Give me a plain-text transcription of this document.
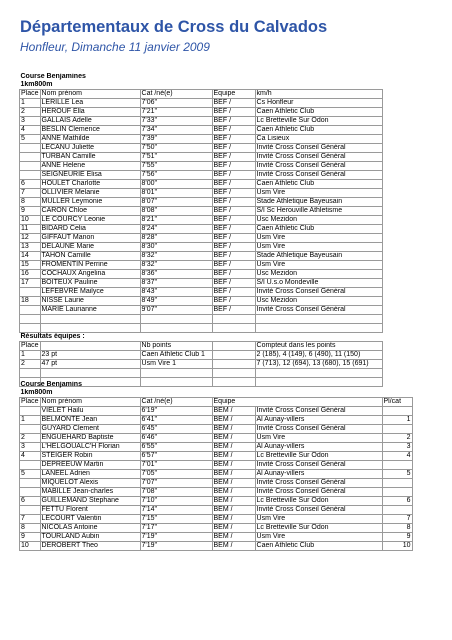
Départementaux de Cross du Calvados
Honfleur, Dimanche 11 janvier 2009
Course Benjamines				
1km800m				
Place	Nom prénom	Cat /né(e)	Equipe	km/h
1	LERILLE Lea	7'06''	BEF /	Cs Honfleur
2	HEROUF Ella	7'21''	BEF /	Caen Athletic Club
3	GALLAIS Adelle	7'33''	BEF /	Lc Bretteville Sur Odon
4	BESLIN Clemence	7'34''	BEF /	Caen Athletic Club
5	ANNE Mathilde	7'39''	BEF /	Ca Lisieux
	LECANU Juliette	7'50''	BEF /	Invité Cross Conseil Général
	TURBAN Camille	7'51''	BEF /	Invité Cross Conseil Général
	ANNE Helene	7'55''	BEF /	Invité Cross Conseil Général
	SEIGNEURIE Elisa	7'56''	BEF /	Invité Cross Conseil Général
6	HOULET Charlotte	8'00''	BEF /	Caen Athletic Club
7	OLLIVIER Melanie	8'01''	BEF /	Usm Vire
8	MULLER Leymonie	8'07''	BEF /	Stade Athletique Bayeusain
9	CARON Chloe	8'08''	BEF /	S/l Sc Herouville Athletisme
10	LE COURCY Leonie	8'21''	BEF /	Usc Mezidon
11	BIDARD Celia	8'24''	BEF /	Caen Athletic Club
12	GIFFAUT Manon	8'28''	BEF /	Usm Vire
13	DELAUNE Marie	8'30''	BEF /	Usm Vire
14	TAHON Camille	8'32''	BEF /	Stade Athletique Bayeusain
15	FROMENTIN Perrine	8'32''	BEF /	Usm Vire
16	COCHAUX Angelina	8'36''	BEF /	Usc Mezidon
17	BOITEUX Pauline	8'37''	BEF /	S/l U.s.o Mondeville
	LEFEBVRE Mailyce	8'43''	BEF /	Invité Cross Conseil Général
18	NISSE Laurie	8'49''	BEF /	Usc Mezidon
	MARIE Laurianne	9'07''	BEF /	Invité Cross Conseil Général

Résultats équipes :				
Place		Nb points		Compteut dans les points
1	23 pt	Caen Athletic Club 1		2 (185), 4 (149), 6 (490), 11 (150)
2	47 pt	Usm Vire 1		7 (713), 12 (694), 13 (680), 15 (691)

Course Benjamins					
1km800m					
Place	Nom prénom	Cat /né(e)	Equipe		Pl/cat
	VIELET Hailu	6'19''	BEM /	Invité Cross Conseil Général	
1	BELMONTE Jean	6'41''	BEM /	Al Aunay-villers	1
	GUYARD Clement	6'45''	BEM /	Invité Cross Conseil Général	
2	ENGUEHARD Baptiste	6'46''	BEM /	Usm Vire	2
3	L'HELGOUALC'H Florian	6'55''	BEM /	Al Aunay-villers	3
4	STEIGER Robin	6'57''	BEM /	Lc Bretteville Sur Odon	4
	DEPREEUW Martin	7'01''	BEM /	Invité Cross Conseil Général	
5	LANEEL Adrien	7'05''	BEM /	Al Aunay-villers	5
	MIQUELOT Alexis	7'07''	BEM /	Invité Cross Conseil Général	
	MABILLE Jean-charles	7'08''	BEM /	Invité Cross Conseil Général	
6	GUILLEMAND Stephane	7'10''	BEM /	Lc Bretteville Sur Odon	6
	FETTU Florent	7'14''	BEM /	Invité Cross Conseil Général	
7	LECOURT Valentin	7'15''	BEM /	Usm Vire	7
8	NICOLAS Antoine	7'17''	BEM /	Lc Bretteville Sur Odon	8
9	TOURLAND Aubin	7'19''	BEM /	Usm Vire	9
10	DEROBERT Theo	7'19''	BEM /	Caen Athletic Club	10
